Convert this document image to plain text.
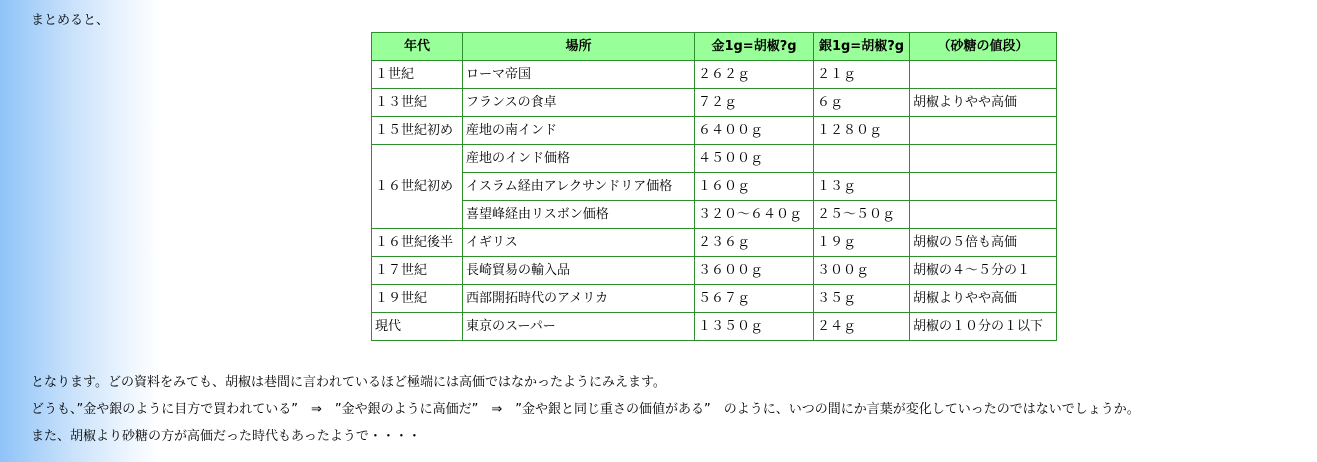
まとめると、
年代	場所	金1g=胡椒?g	銀1g=胡椒?g	（砂糖の値段）
１世紀	ローマ帝国	２６２ｇ	２１ｇ	
１３世紀	フランスの食卓	７２ｇ	６ｇ	胡椒よりやや高価
１５世紀初め	産地の南インド	６４００ｇ	１２８０ｇ	
１６世紀初め	産地のインド価格	４５００ｇ		
	イスラム経由アレクサンドリア価格	１６０ｇ	１３ｇ	
	喜望峰経由リスボン価格	３２０～６４０ｇ	２５～５０ｇ	
１６世紀後半	イギリス	２３６ｇ	１９ｇ	胡椒の５倍も高価
１７世紀	長崎貿易の輸入品	３６００ｇ	３００ｇ	胡椒の４～５分の１
１９世紀	西部開拓時代のアメリカ	５６７ｇ	３５ｇ	胡椒よりやや高価
現代	東京のスーパー	１３５０ｇ	２４ｇ	胡椒の１０分の１以下
となります。どの資料をみても、胡椒は巷間に言われているほど極端には高価ではなかったようにみえます。
どうも、”金や銀のように目方で買われている”　⇒　”金や銀のように高価だ”　⇒　”金や銀と同じ重さの価値がある”　のように、いつの間にか言葉が変化していったのではないでしょうか。
また、胡椒より砂糖の方が高価だった時代もあったようで・・・・
